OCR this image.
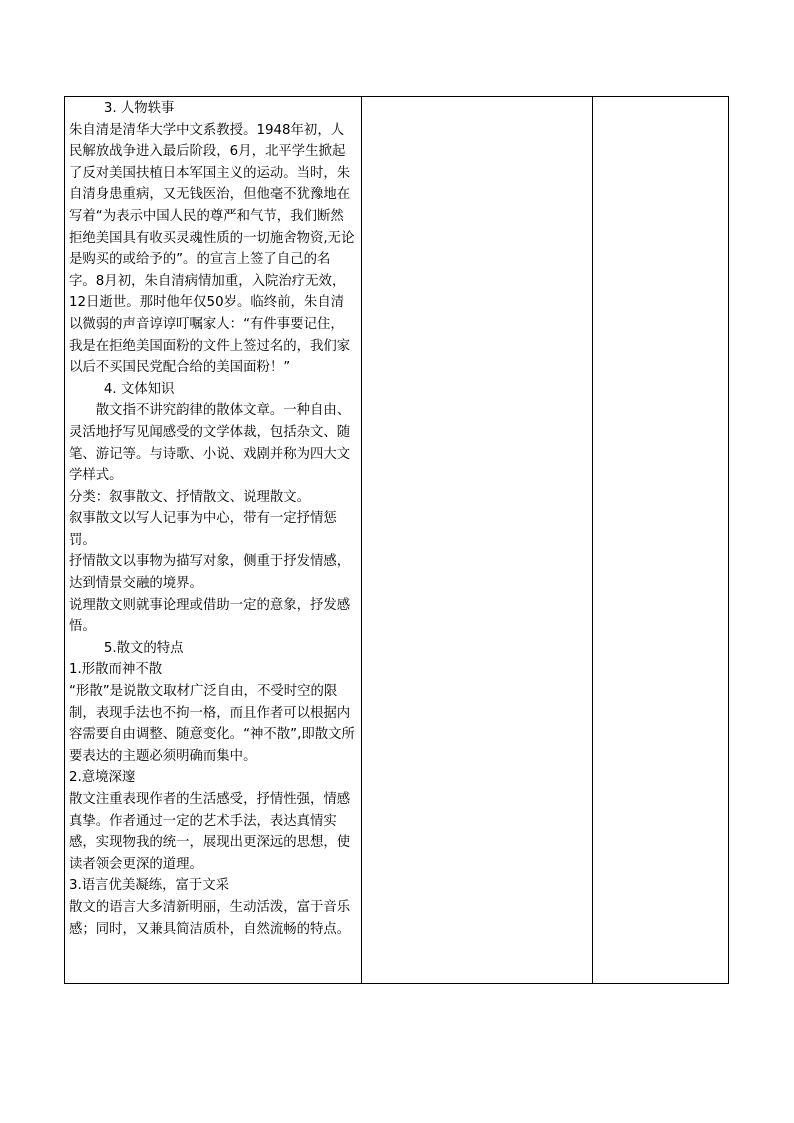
3. 人物轶事

朱自清是清华大学中文系教授。1948年初，人民解放战争进入最后阶段，6月，北平学生掀起了反对美国扶植日本军国主义的运动。当时，朱自清身患重病，又无钱医治，但他毫不犹豫地在写着“为表示中国人民的尊严和气节，我们断然拒绝美国具有收买灵魂性质的一切施舍物资,无论是购买的或给予的”。的宣言上签了自己的名字。8月初，朱自清病情加重，入院治疗无效，12日逝世。那时他年仅50岁。临终前，朱自清以微弱的声音谆谆叮嘱家人：“有件事要记住，我是在拒绝美国面粉的文件上签过名的，我们家以后不买国民党配合给的美国面粉！”

4. 文体知识

散文指不讲究韵律的散体文章。一种自由、灵活地抒写见闻感受的文学体裁，包括杂文、随笔、游记等。与诗歌、小说、戏剧并称为四大文学样式。

分类：叙事散文、抒情散文、说理散文。

叙事散文以写人记事为中心，带有一定抒情惩罚。

抒情散文以事物为描写对象，侧重于抒发情感，达到情景交融的境界。

说理散文则就事论理或借助一定的意象，抒发感悟。

5.散文的特点

1.形散而神不散

“形散”是说散文取材广泛自由，不受时空的限制，表现手法也不拘一格，而且作者可以根据内容需要自由调整、随意变化。“神不散”,即散文所要表达的主题必须明确而集中。

2.意境深邃

散文注重表现作者的生活感受，抒情性强，情感真挚。作者通过一定的艺术手法，表达真情实感，实现物我的统一，展现出更深远的思想，使读者领会更深的道理。

3.语言优美凝练，富于文采

散文的语言大多清新明丽，生动活泼，富于音乐感；同时，又兼具简洁质朴，自然流畅的特点。
